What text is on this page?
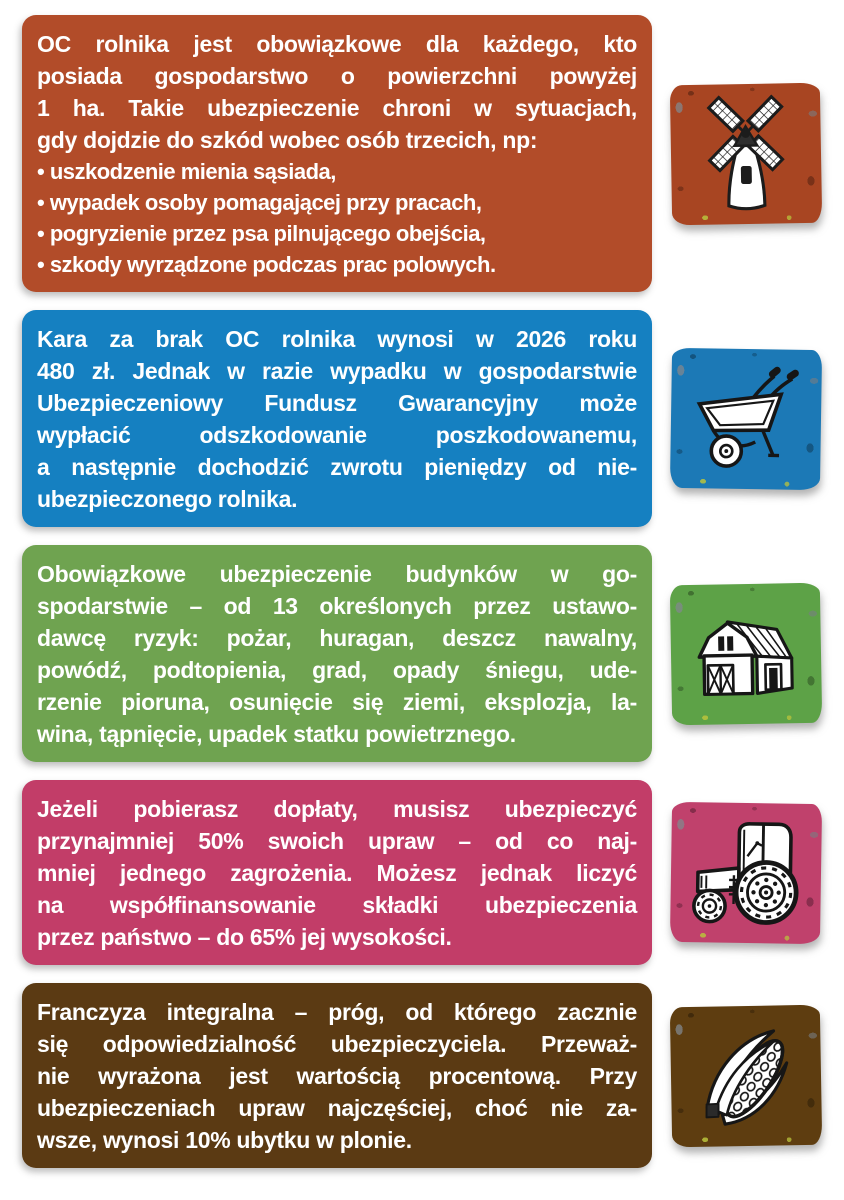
OC rolnika jest obowiązkowe dla każdego, kto
posiada gospodarstwo o powierzchni powyżej
1 ha. Takie ubezpieczenie chroni w sytuacjach,
gdy dojdzie do szkód wobec osób trzecich, np:
• uszkodzenie mienia sąsiada,
• wypadek osoby pomagającej przy pracach,
• pogryzienie przez psa pilnującego obejścia,
• szkody wyrządzone podczas prac polowych.
Kara za brak OC rolnika wynosi w 2026 roku
480 zł. Jednak w razie wypadku w gospodarstwie
Ubezpieczeniowy Fundusz Gwarancyjny może
wypłacić odszkodowanie poszkodowanemu,
a następnie dochodzić zwrotu pieniędzy od nie-
ubezpieczonego rolnika.
Obowiązkowe ubezpieczenie budynków w go-
spodarstwie – od 13 określonych przez ustawo-
dawcę ryzyk: pożar, huragan, deszcz nawalny,
powódź, podtopienia, grad, opady śniegu, ude-
rzenie pioruna, osunięcie się ziemi, eksplozja, la-
wina, tąpnięcie, upadek statku powietrznego.
Jeżeli pobierasz dopłaty, musisz ubezpieczyć
przynajmniej 50% swoich upraw – od co naj-
mniej jednego zagrożenia. Możesz jednak liczyć
na współfinansowanie składki ubezpieczenia
przez państwo – do 65% jej wysokości.
Franczyza integralna – próg, od którego zacznie
się odpowiedzialność ubezpieczyciela. Przeważ-
nie wyrażona jest wartością procentową. Przy
ubezpieczeniach upraw najczęściej, choć nie za-
wsze, wynosi 10% ubytku w plonie.
